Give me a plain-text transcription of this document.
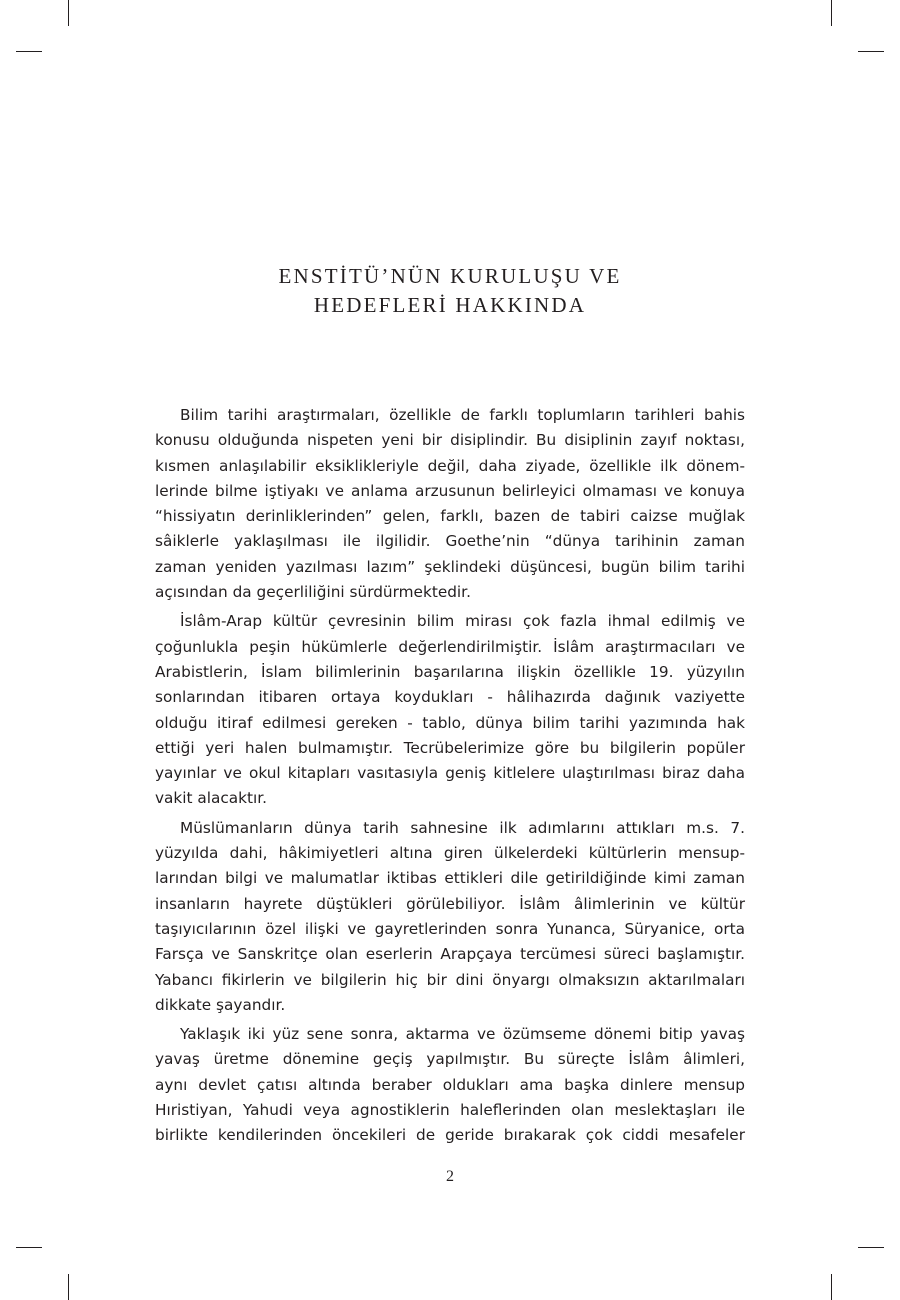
ENSTİTÜ’NÜN KURULUŞU VE
HEDEFLERİ HAKKINDA
Bilim tarihi araştırmaları, özellikle de farklı toplumların tarihleri bahis
konusu olduğunda nispeten yeni bir disiplindir. Bu disiplinin zayıf noktası,
kısmen anlaşılabilir eksiklikleriyle değil, daha ziyade, özellikle ilk dönem-
lerinde bilme iştiyakı ve anlama arzusunun belirleyici olmaması ve konuya
“hissiyatın derinliklerinden” gelen, farklı, bazen de tabiri caizse muğlak
sâiklerle yaklaşılması ile ilgilidir. Goethe’nin “dünya tarihinin zaman
zaman yeniden yazılması lazım” şeklindeki düşüncesi, bugün bilim tarihi
açısından da geçerliliğini sürdürmektedir.
İslâm-Arap kültür çevresinin bilim mirası çok fazla ihmal edilmiş ve
çoğunlukla peşin hükümlerle değerlendirilmiştir. İslâm araştırmacıları ve
Arabistlerin, İslam bilimlerinin başarılarına ilişkin özellikle 19. yüzyılın
sonlarından itibaren ortaya koydukları - hâlihazırda dağınık vaziyette
olduğu itiraf edilmesi gereken - tablo, dünya bilim tarihi yazımında hak
ettiği yeri halen bulmamıştır. Tecrübelerimize göre bu bilgilerin popüler
yayınlar ve okul kitapları vasıtasıyla geniş kitlelere ulaştırılması biraz daha
vakit alacaktır.
Müslümanların dünya tarih sahnesine ilk adımlarını attıkları m.s. 7.
yüzyılda dahi, hâkimiyetleri altına giren ülkelerdeki kültürlerin mensup-
larından bilgi ve malumatlar iktibas ettikleri dile getirildiğinde kimi zaman
insanların hayrete düştükleri görülebiliyor. İslâm âlimlerinin ve kültür
taşıyıcılarının özel ilişki ve gayretlerinden sonra Yunanca, Süryanice, orta
Farsça ve Sanskritçe olan eserlerin Arapçaya tercümesi süreci başlamıştır.
Yabancı fikirlerin ve bilgilerin hiç bir dini önyargı olmaksızın aktarılmaları
dikkate şayandır.
Yaklaşık iki yüz sene sonra, aktarma ve özümseme dönemi bitip yavaş
yavaş üretme dönemine geçiş yapılmıştır. Bu süreçte İslâm âlimleri,
aynı devlet çatısı altında beraber oldukları ama başka dinlere mensup
Hıristiyan, Yahudi veya agnostiklerin haleflerinden olan meslektaşları ile
birlikte kendilerinden öncekileri de geride bırakarak çok ciddi mesafeler
2
